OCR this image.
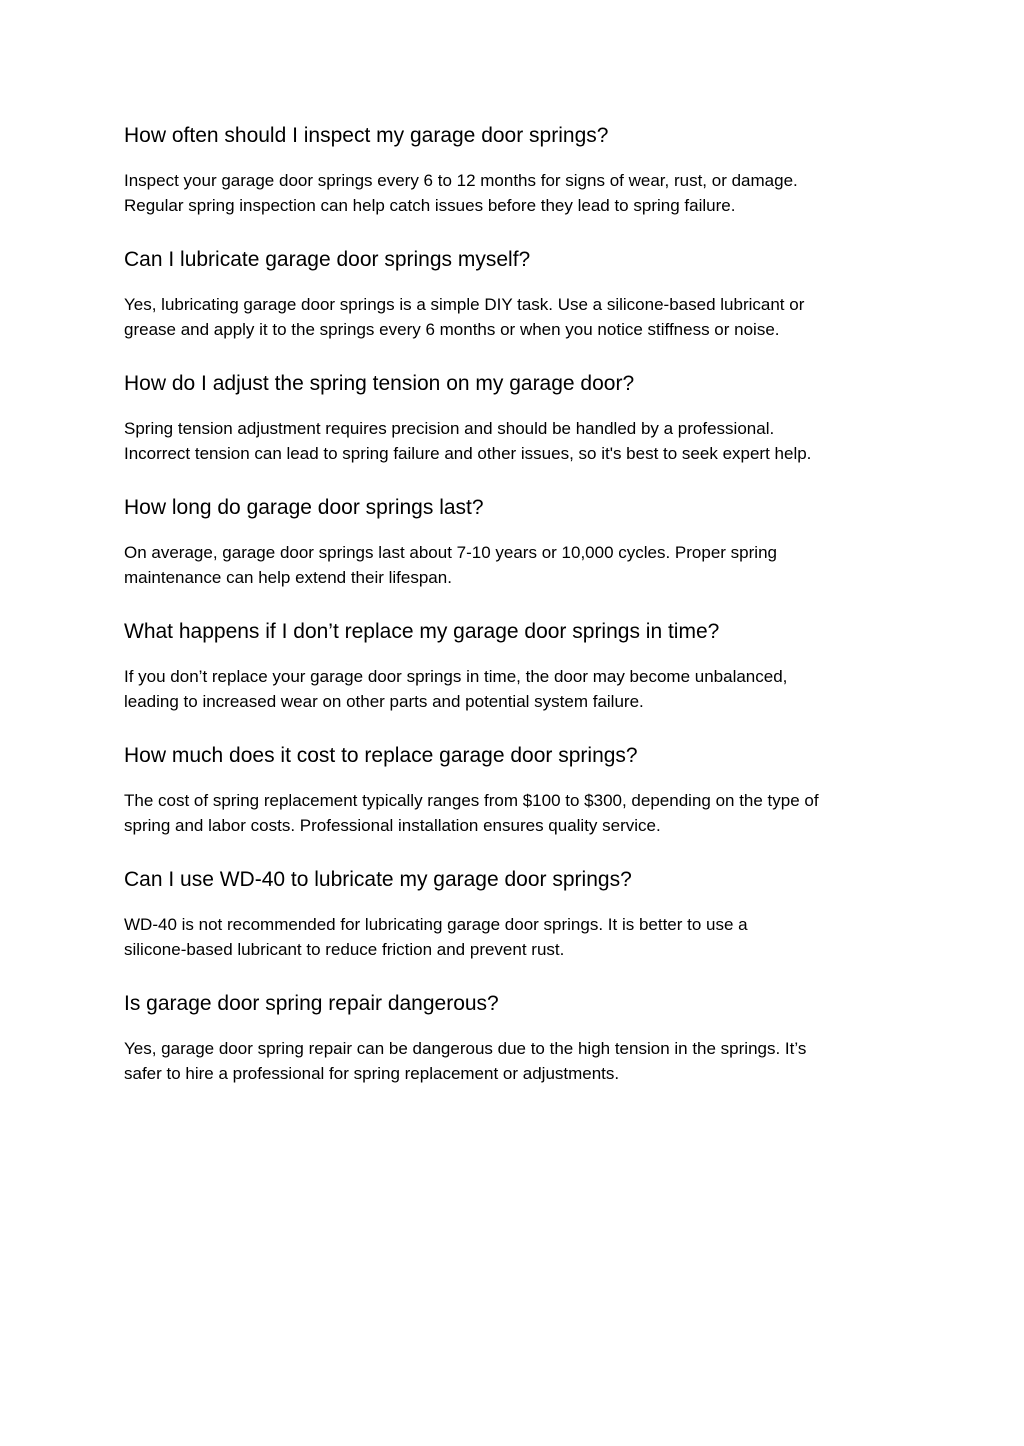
How often should I inspect my garage door springs?

Inspect your garage door springs every 6 to 12 months for signs of wear, rust, or damage.
Regular spring inspection can help catch issues before they lead to spring failure.

Can I lubricate garage door springs myself?

Yes, lubricating garage door springs is a simple DIY task. Use a silicone-based lubricant or
grease and apply it to the springs every 6 months or when you notice stiffness or noise.

How do I adjust the spring tension on my garage door?

Spring tension adjustment requires precision and should be handled by a professional.
Incorrect tension can lead to spring failure and other issues, so it's best to seek expert help.

How long do garage door springs last?

On average, garage door springs last about 7-10 years or 10,000 cycles. Proper spring
maintenance can help extend their lifespan.

What happens if I don’t replace my garage door springs in time?

If you don’t replace your garage door springs in time, the door may become unbalanced,
leading to increased wear on other parts and potential system failure.

How much does it cost to replace garage door springs?

The cost of spring replacement typically ranges from $100 to $300, depending on the type of
spring and labor costs. Professional installation ensures quality service.

Can I use WD-40 to lubricate my garage door springs?

WD-40 is not recommended for lubricating garage door springs. It is better to use a
silicone-based lubricant to reduce friction and prevent rust.

Is garage door spring repair dangerous?

Yes, garage door spring repair can be dangerous due to the high tension in the springs. It’s
safer to hire a professional for spring replacement or adjustments.
